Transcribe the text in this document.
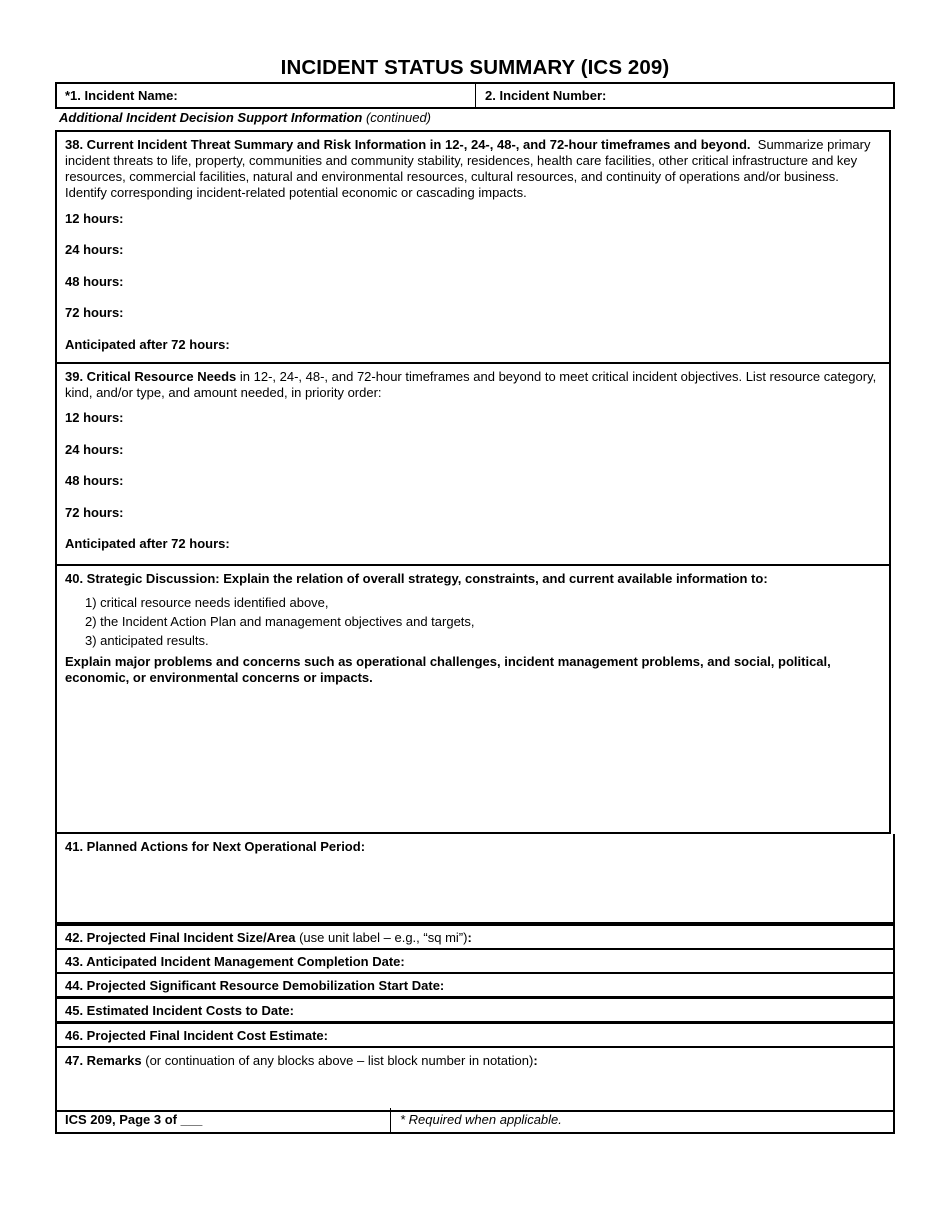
INCIDENT STATUS SUMMARY (ICS 209)
*1. Incident Name:	2. Incident Number:
Additional Incident Decision Support Information (continued)

38. Current Incident Threat Summary and Risk Information in 12-, 24-, 48-, and 72-hour timeframes and beyond. Summarize primary incident threats to life, property, communities and community stability, residences, health care facilities, other critical infrastructure and key resources, commercial facilities, natural and environmental resources, cultural resources, and continuity of operations and/or business. Identify corresponding incident-related potential economic or cascading impacts.

12 hours:
24 hours:
48 hours:
72 hours:
Anticipated after 72 hours:

39. Critical Resource Needs in 12-, 24-, 48-, and 72-hour timeframes and beyond to meet critical incident objectives. List resource category, kind, and/or type, and amount needed, in priority order:

12 hours:
24 hours:
48 hours:
72 hours:
Anticipated after 72 hours:

40. Strategic Discussion: Explain the relation of overall strategy, constraints, and current available information to:

1) critical resource needs identified above,
2) the Incident Action Plan and management objectives and targets,
3) anticipated results.

Explain major problems and concerns such as operational challenges, incident management problems, and social, political, economic, or environmental concerns or impacts.

41. Planned Actions for Next Operational Period:
42. Projected Final Incident Size/Area (use unit label – e.g., “sq mi”):
43. Anticipated Incident Management Completion Date:
44. Projected Significant Resource Demobilization Start Date:
45. Estimated Incident Costs to Date:
46. Projected Final Incident Cost Estimate:
47. Remarks (or continuation of any blocks above – list block number in notation):
ICS 209, Page 3 of ___	* Required when applicable.
